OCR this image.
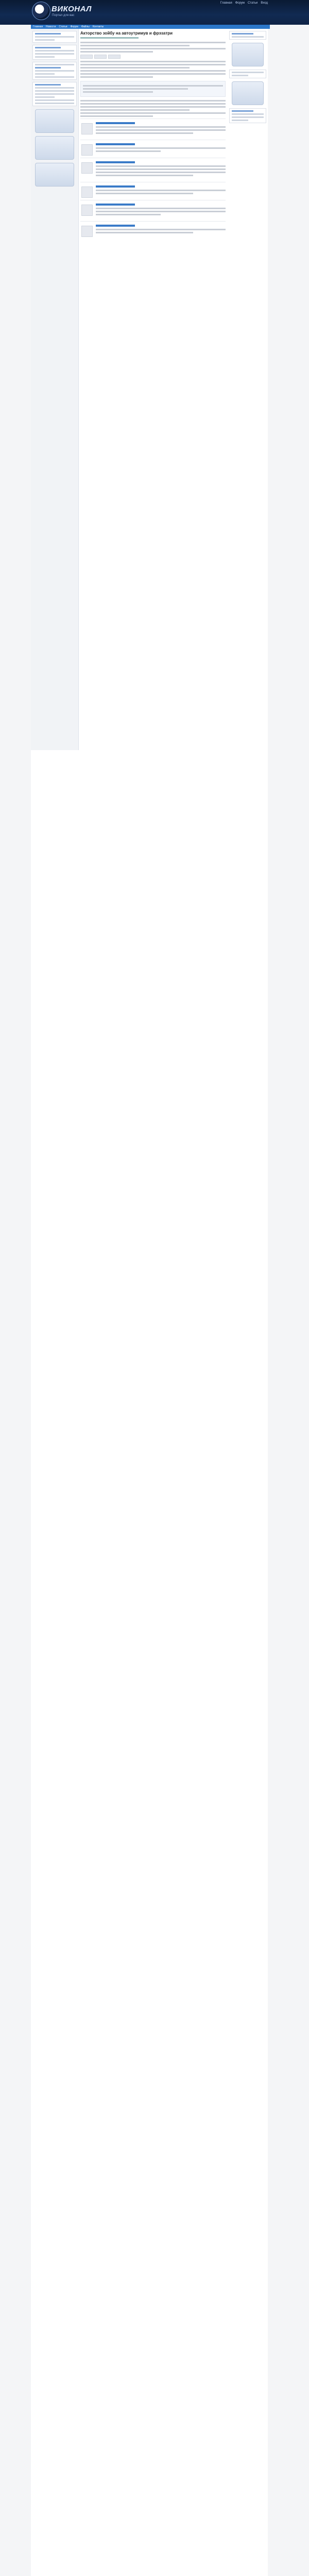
ВИКОНАЛ
Портал для вас
Главная Форум Статьи Вход
Главная Новости Статьи Форум Файлы Контакты
Акторство зойбу на автоутримув и фрэзатри
